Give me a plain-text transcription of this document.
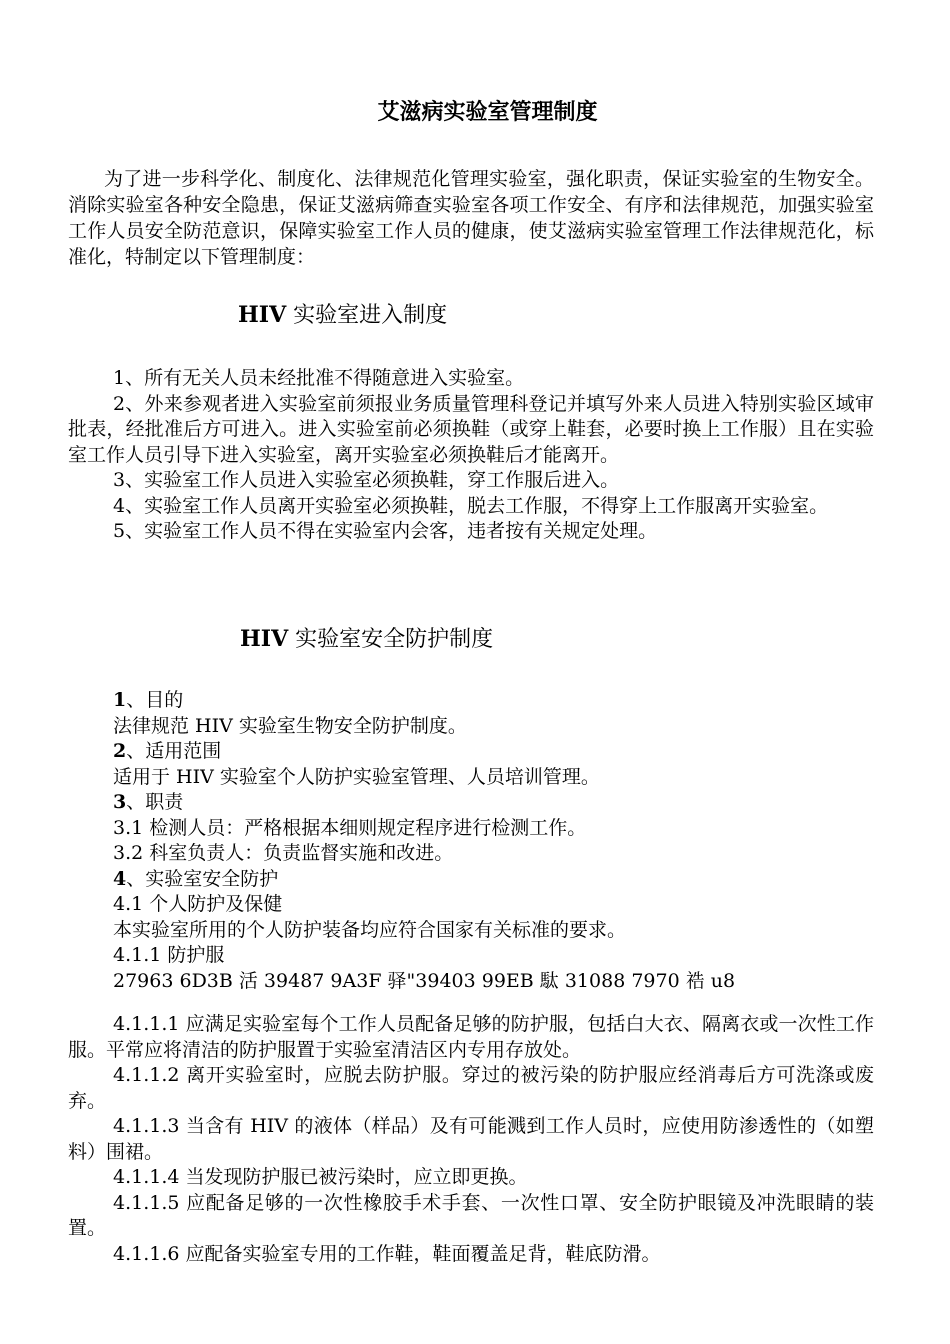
艾滋病实验室管理制度

为了进一步科学化、制度化、法律规范化管理实验室，强化职责，保证实验室的生物安全。消除实验室各种安全隐患，保证艾滋病筛查实验室各项工作安全、有序和法律规范，加强实验室工作人员安全防范意识，保障实验室工作人员的健康，使艾滋病实验室管理工作法律规范化，标准化，特制定以下管理制度：

HIV 实验室进入制度

1、所有无关人员未经批准不得随意进入实验室。

2、外来参观者进入实验室前须报业务质量管理科登记并填写外来人员进入特别实验区域审批表，经批准后方可进入。进入实验室前必须换鞋（或穿上鞋套，必要时换上工作服）且在实验室工作人员引导下进入实验室，离开实验室必须换鞋后才能离开。

3、实验室工作人员进入实验室必须换鞋，穿工作服后进入。

4、实验室工作人员离开实验室必须换鞋，脱去工作服，不得穿上工作服离开实验室。

5、实验室工作人员不得在实验室内会客，违者按有关规定处理。

HIV 实验室安全防护制度

1、目的

法律规范 HIV 实验室生物安全防护制度。

2、适用范围

适用于 HIV 实验室个人防护实验室管理、人员培训管理。

3、职责

3.1 检测人员：严格根据本细则规定程序进行检测工作。

3.2 科室负责人：负责监督实施和改进。

4、实验室安全防护

4.1 个人防护及保健

本实验室所用的个人防护装备均应符合国家有关标准的要求。

4.1.1 防护服

27963 6D3B 活 39487 9A3F 驿"39403 99EB 駄 31088 7970 祰 u8

4.1.1.1 应满足实验室每个工作人员配备足够的防护服，包括白大衣、隔离衣或一次性工作服。平常应将清洁的防护服置于实验室清洁区内专用存放处。

4.1.1.2 离开实验室时，应脱去防护服。穿过的被污染的防护服应经消毒后方可洗涤或废弃。

4.1.1.3 当含有 HIV 的液体（样品）及有可能溅到工作人员时，应使用防渗透性的（如塑料）围裙。

4.1.1.4 当发现防护服已被污染时，应立即更换。

4.1.1.5 应配备足够的一次性橡胶手术手套、一次性口罩、安全防护眼镜及冲洗眼睛的装置。

4.1.1.6 应配备实验室专用的工作鞋，鞋面覆盖足背，鞋底防滑。
